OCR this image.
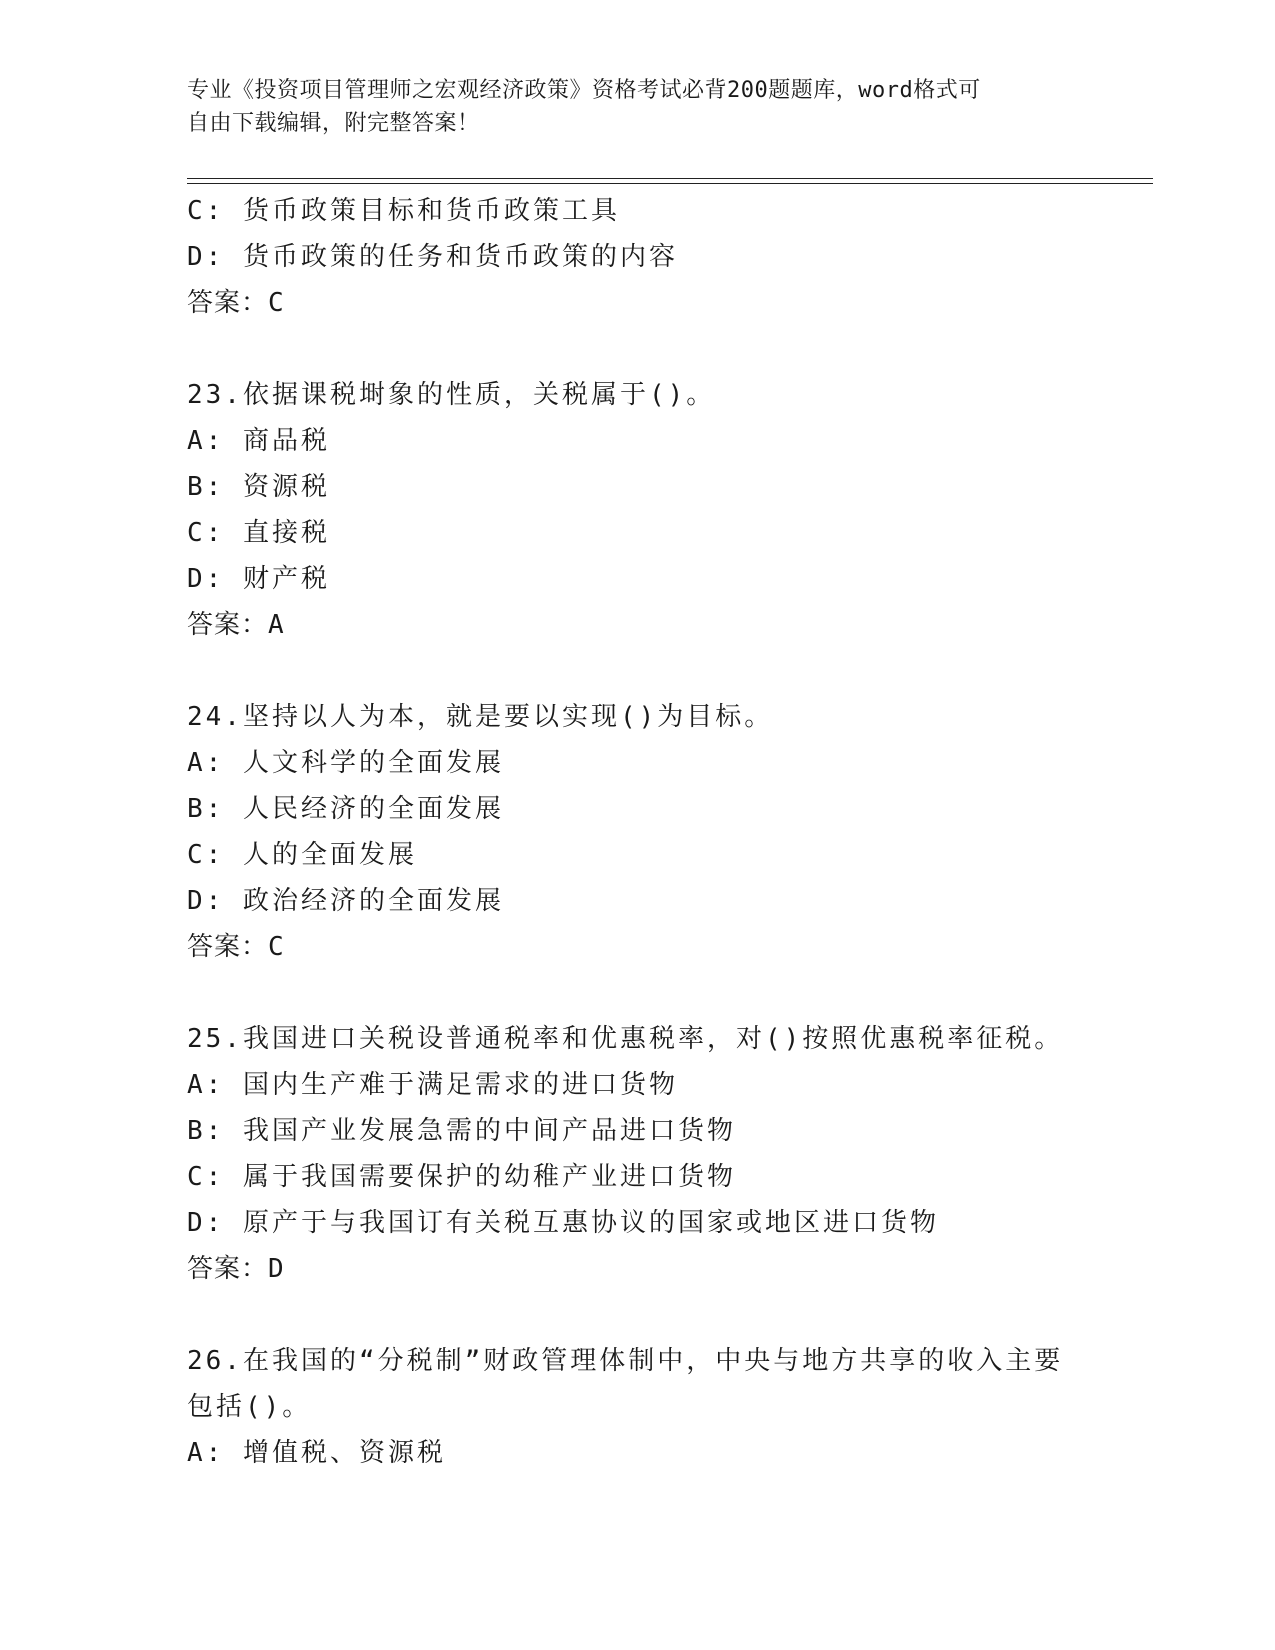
专业《投资项目管理师之宏观经济政策》资格考试必背200题题库，word格式可
自由下载编辑，附完整答案！
C: 货币政策目标和货币政策工具
D: 货币政策的任务和货币政策的内容
答案：C
23.依据课税埘象的性质，关税属于()。
A: 商品税
B: 资源税
C: 直接税
D: 财产税
答案：A
24.坚持以人为本，就是要以实现()为目标。
A: 人文科学的全面发展
B: 人民经济的全面发展
C: 人的全面发展
D: 政治经济的全面发展
答案：C
25.我国进口关税设普通税率和优惠税率，对()按照优惠税率征税。
A: 国内生产难于满足需求的进口货物
B: 我国产业发展急需的中间产品进口货物
C: 属于我国需要保护的幼稚产业进口货物
D: 原产于与我国订有关税互惠协议的国家或地区进口货物
答案：D
26.在我国的“分税制”财政管理体制中，中央与地方共享的收入主要
包括()。
A: 增值税、资源税
